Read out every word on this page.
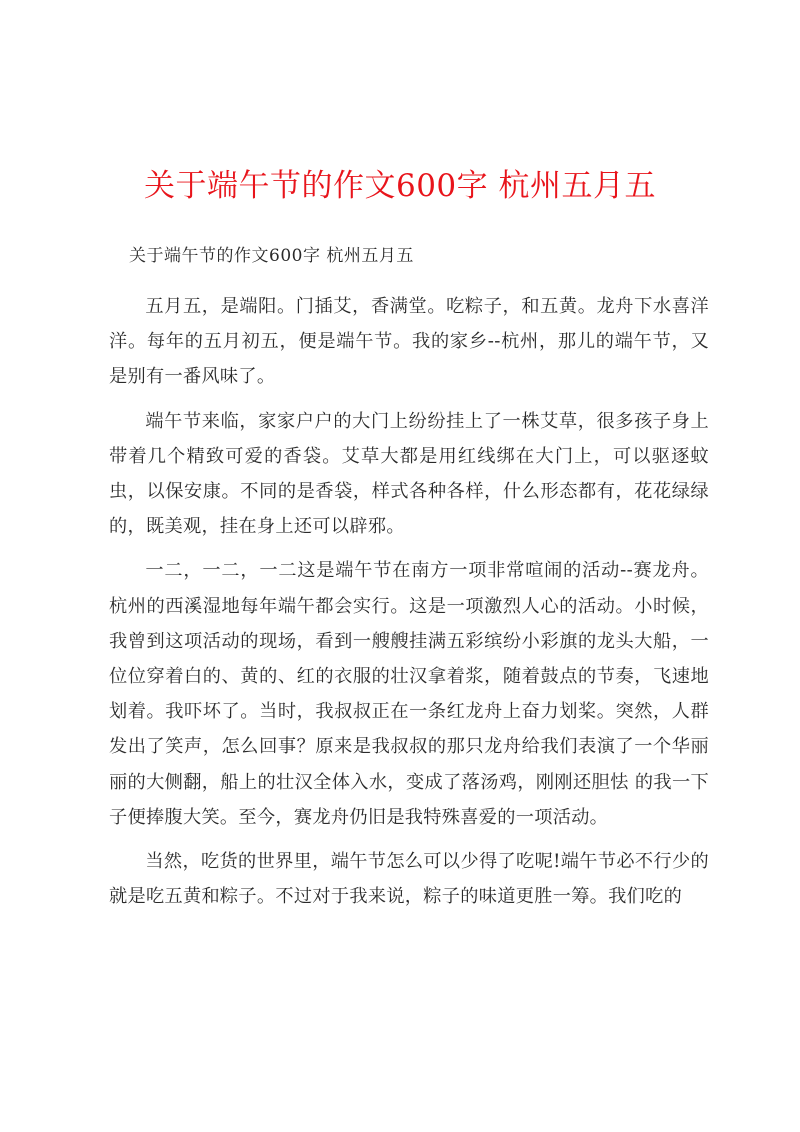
关于端午节的作文600字 杭州五月五
关于端午节的作文600字 杭州五月五

五月五，是端阳。门插艾，香满堂。吃粽子，和五黄。龙舟下水喜洋洋。每年的五月初五，便是端午节。我的家乡--杭州，那儿的端午节，又是别有一番风味了。

端午节来临，家家户户的大门上纷纷挂上了一株艾草，很多孩子身上带着几个精致可爱的香袋。艾草大都是用红线绑在大门上，可以驱逐蚊虫，以保安康。不同的是香袋，样式各种各样，什么形态都有，花花绿绿的，既美观，挂在身上还可以辟邪。

一二，一二，一二这是端午节在南方一项非常喧闹的活动--赛龙舟。杭州的西溪湿地每年端午都会实行。这是一项激烈人心的活动。小时候，我曾到这项活动的现场，看到一艘艘挂满五彩缤纷小彩旗的龙头大船，一位位穿着白的、黄的、红的衣服的壮汉拿着浆，随着鼓点的节奏，飞速地划着。我吓坏了。当时，我叔叔正在一条红龙舟上奋力划桨。突然，人群发出了笑声，怎么回事？原来是我叔叔的那只龙舟给我们表演了一个华丽丽的大侧翻，船上的壮汉全体入水，变成了落汤鸡，刚刚还胆怯 的我一下子便捧腹大笑。至今，赛龙舟仍旧是我特殊喜爱的一项活动。

当然，吃货的世界里，端午节怎么可以少得了吃呢!端午节必不行少的就是吃五黄和粽子。不过对于我来说，粽子的味道更胜一筹。我们吃的
